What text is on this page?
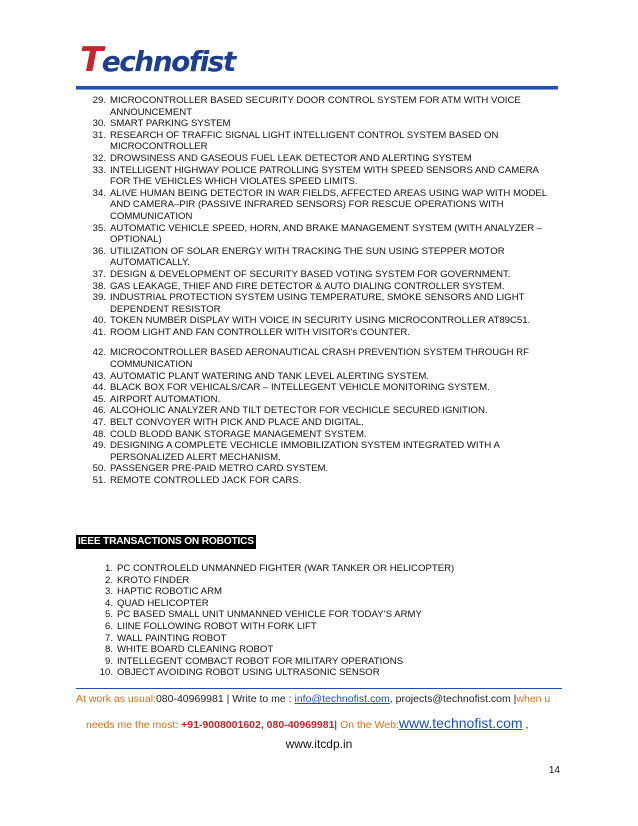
Technofist
29. MICROCONTROLLER BASED SECURITY DOOR CONTROL SYSTEM FOR ATM WITH VOICE ANNOUNCEMENT
30. SMART PARKING SYSTEM
31. RESEARCH OF TRAFFIC SIGNAL LIGHT INTELLIGENT CONTROL SYSTEM BASED ON MICROCONTROLLER
32. DROWSINESS AND GASEOUS FUEL LEAK DETECTOR AND ALERTING SYSTEM
33. INTELLIGENT HIGHWAY POLICE PATROLLING SYSTEM WITH SPEED SENSORS AND CAMERA FOR THE VEHICLES WHICH VIOLATES SPEED LIMITS.
34. ALIVE HUMAN BEING DETECTOR IN WAR FIELDS, AFFECTED AREAS USING WAP WITH MODEL AND CAMERA–PIR (PASSIVE INFRARED SENSORS) FOR RESCUE OPERATIONS WITH COMMUNICATION
35. AUTOMATIC VEHICLE SPEED, HORN, AND BRAKE MANAGEMENT SYSTEM (WITH ANALYZER – OPTIONAL)
36. UTILIZATION OF SOLAR ENERGY WITH TRACKING THE SUN USING STEPPER MOTOR AUTOMATICALLY.
37. DESIGN & DEVELOPMENT OF SECURITY BASED VOTING SYSTEM FOR GOVERNMENT.
38. GAS LEAKAGE, THIEF AND FIRE DETECTOR & AUTO DIALING CONTROLLER SYSTEM.
39. INDUSTRIAL PROTECTION SYSTEM USING TEMPERATURE, SMOKE SENSORS AND LIGHT DEPENDENT RESISTOR
40. TOKEN NUMBER DISPLAY WITH VOICE IN SECURITY USING MICROCONTROLLER AT89C51.
41. ROOM LIGHT AND FAN CONTROLLER WITH VISITOR's COUNTER.
42. MICROCONTROLLER BASED AERONAUTICAL CRASH PREVENTION SYSTEM THROUGH RF COMMUNICATION
43. AUTOMATIC PLANT WATERING AND TANK LEVEL ALERTING SYSTEM.
44. BLACK BOX FOR VEHICALS/CAR – INTELLEGENT VEHICLE MONITORING SYSTEM.
45. AIRPORT AUTOMATION.
46. ALCOHOLIC ANALYZER AND TILT DETECTOR FOR VECHICLE SECURED IGNITION.
47. BELT CONVOYER WITH PICK AND PLACE AND DIGITAL.
48. COLD BLODD BANK STORAGE MANAGEMENT SYSTEM.
49. DESIGNING A COMPLETE VECHICLE IMMOBILIZATION SYSTEM INTEGRATED WITH A PERSONALIZED ALERT MECHANISM.
50. PASSENGER PRE-PAID METRO CARD SYSTEM.
51. REMOTE CONTROLLED JACK FOR CARS.
IEEE TRANSACTIONS ON ROBOTICS
1. PC CONTROLELD UNMANNED FIGHTER (WAR TANKER OR HELICOPTER)
2. KROTO FINDER
3. HAPTIC ROBOTIC ARM
4. QUAD HELICOPTER
5. PC BASED SMALL UNIT UNMANNED VEHICLE FOR TODAY’S ARMY
6. LIINE FOLLOWING ROBOT WITH FORK LIFT
7. WALL PAINTING ROBOT
8. WHITE BOARD CLEANING ROBOT
9. INTELLEGENT COMBACT ROBOT FOR MILITARY OPERATIONS
10. OBJECT AVOIDING ROBOT USING ULTRASONIC SENSOR
At work as usual:080-40969981 | Write to me : info@technofist.com, projects@technofist.com |when u
needs me the most: +91-9008001602, 080-40969981| On the Web:www.technofist.com ,
www.itcdp.in
14
